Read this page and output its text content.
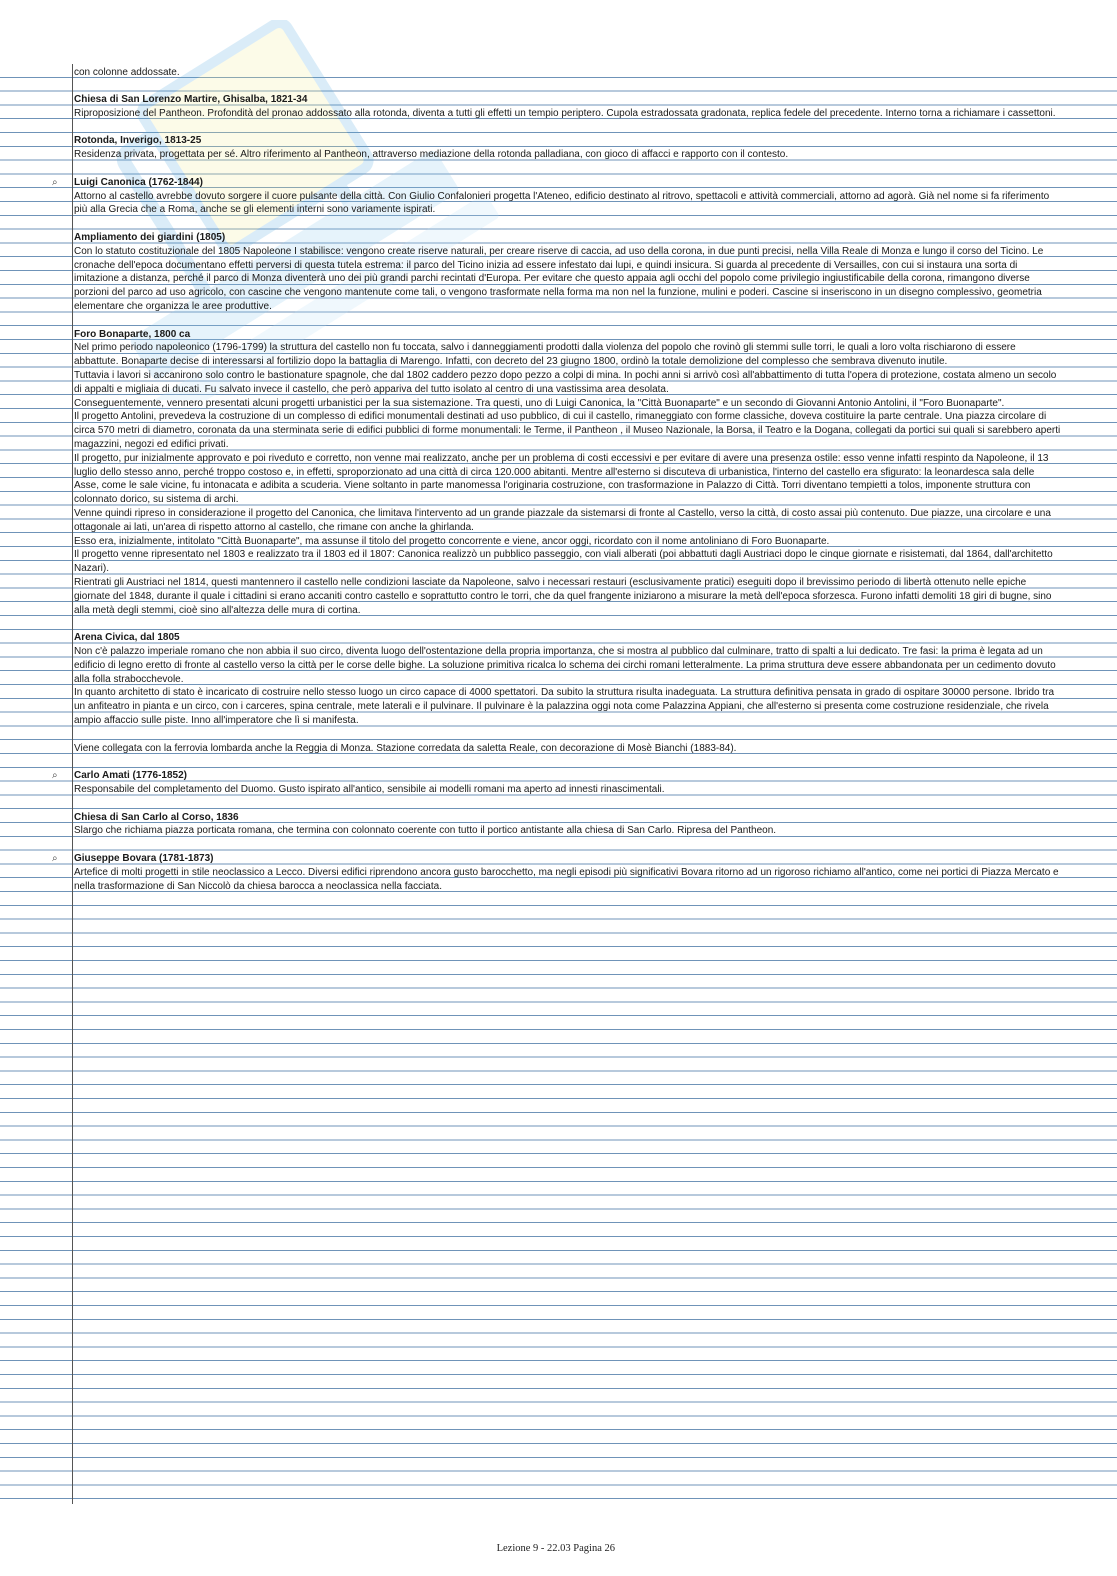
⌕
⌕
⌕
con colonne addossate.
Chiesa di San Lorenzo Martire, Ghisalba, 1821-34
Riproposizione del Pantheon. Profondità del pronao addossato alla rotonda, diventa a tutti gli effetti un tempio periptero. Cupola estradossata gradonata, replica fedele del precedente. Interno torna a richiamare i cassettoni.
Rotonda, Inverigo, 1813-25
Residenza privata, progettata per sé. Altro riferimento al Pantheon, attraverso mediazione della rotonda palladiana, con gioco di affacci e rapporto con il contesto.
Luigi Canonica (1762-1844)
Attorno al castello avrebbe dovuto sorgere il cuore pulsante della città. Con Giulio Confalonieri progetta l'Ateneo, edificio destinato al ritrovo, spettacoli e attività commerciali, attorno ad agorà. Già nel nome si fa riferimento
più alla Grecia che a Roma, anche se gli elementi interni sono variamente ispirati.
Ampliamento dei giardini (1805)
Con lo statuto costituzionale del 1805 Napoleone I stabilisce: vengono create riserve naturali, per creare riserve di caccia, ad uso della corona, in due punti precisi, nella Villa Reale di Monza e lungo il corso del Ticino. Le
cronache dell'epoca documentano effetti perversi di questa tutela estrema: il parco del Ticino inizia ad essere infestato dai lupi, e quindi insicura. Si guarda al precedente di Versailles, con cui si instaura una sorta di
imitazione a distanza, perché il parco di Monza diventerà uno dei più grandi parchi recintati d'Europa. Per evitare che questo appaia agli occhi del popolo come privilegio ingiustificabile della corona, rimangono diverse
porzioni del parco ad uso agricolo, con cascine che vengono mantenute come tali, o vengono trasformate nella forma ma non nel la funzione, mulini e poderi. Cascine si inseriscono in un disegno complessivo, geometria
elementare che organizza le aree produttive.
Foro Bonaparte, 1800 ca
Nel primo periodo napoleonico (1796-1799) la struttura del castello non fu toccata, salvo i danneggiamenti prodotti dalla violenza del popolo che rovinò gli stemmi sulle torri, le quali a loro volta rischiarono di essere
abbattute. Bonaparte decise di interessarsi al fortilizio dopo la battaglia di Marengo. Infatti, con decreto del 23 giugno 1800, ordinò la totale demolizione del complesso che sembrava divenuto inutile.
Tuttavia i lavori si accanirono solo contro le bastionature spagnole, che dal 1802 caddero pezzo dopo pezzo a colpi di mina. In pochi anni si arrivò così all'abbattimento di tutta l'opera di protezione, costata almeno un secolo
di appalti e migliaia di ducati. Fu salvato invece il castello, che però appariva del tutto isolato al centro di una vastissima area desolata.
Conseguentemente, vennero presentati alcuni progetti urbanistici per la sua sistemazione. Tra questi, uno di Luigi Canonica, la "Città Buonaparte" e un secondo di Giovanni Antonio Antolini, il "Foro Buonaparte".
Il progetto Antolini, prevedeva la costruzione di un complesso di edifici monumentali destinati ad uso pubblico, di cui il castello, rimaneggiato con forme classiche, doveva costituire la parte centrale. Una piazza circolare di
circa 570 metri di diametro, coronata da una sterminata serie di edifici pubblici di forme monumentali: le Terme, il Pantheon , il Museo Nazionale, la Borsa, il Teatro e la Dogana, collegati da portici sui quali si sarebbero aperti
magazzini, negozi ed edifici privati.
Il progetto, pur inizialmente approvato e poi riveduto e corretto, non venne mai realizzato, anche per un problema di costi eccessivi e per evitare di avere una presenza ostile: esso venne infatti respinto da Napoleone, il 13
luglio dello stesso anno, perché troppo costoso e, in effetti, sproporzionato ad una città di circa 120.000 abitanti. Mentre all'esterno si discuteva di urbanistica, l'interno del castello era sfigurato: la leonardesca sala delle
Asse, come le sale vicine, fu intonacata e adibita a scuderia. Viene soltanto in parte manomessa l'originaria costruzione, con trasformazione in Palazzo di Città. Torri diventano tempietti a tolos, imponente struttura con
colonnato dorico, su sistema di archi.
Venne quindi ripreso in considerazione il progetto del Canonica, che limitava l'intervento ad un grande piazzale da sistemarsi di fronte al Castello, verso la città, di costo assai più contenuto. Due piazze, una circolare e una
ottagonale ai lati, un'area di rispetto attorno al castello, che rimane con anche la ghirlanda.
Esso era, inizialmente, intitolato "Città Buonaparte", ma assunse il titolo del progetto concorrente e viene, ancor oggi, ricordato con il nome antoliniano di Foro Buonaparte.
Il progetto venne ripresentato nel 1803 e realizzato tra il 1803 ed il 1807: Canonica realizzò un pubblico passeggio, con viali alberati (poi abbattuti dagli Austriaci dopo le cinque giornate e risistemati, dal 1864, dall'architetto
Nazari).
Rientrati gli Austriaci nel 1814, questi mantennero il castello nelle condizioni lasciate da Napoleone, salvo i necessari restauri (esclusivamente pratici) eseguiti dopo il brevissimo periodo di libertà ottenuto nelle epiche
giornate del 1848, durante il quale i cittadini si erano accaniti contro castello e soprattutto contro le torri, che da quel frangente iniziarono a misurare la metà dell'epoca sforzesca. Furono infatti demoliti 18 giri di bugne, sino
alla metà degli stemmi, cioè sino all'altezza delle mura di cortina.
Arena Civica, dal 1805
Non c'è palazzo imperiale romano che non abbia il suo circo, diventa luogo dell'ostentazione della propria importanza, che si mostra al pubblico dal culminare, tratto di spalti a lui dedicato. Tre fasi: la prima è legata ad un
edificio di legno eretto di fronte al castello verso la città per le corse delle bighe. La soluzione primitiva ricalca lo schema dei circhi romani letteralmente. La prima struttura deve essere abbandonata per un cedimento dovuto
alla folla strabocchevole.
In quanto architetto di stato è incaricato di costruire nello stesso luogo un circo capace di 4000 spettatori. Da subito la struttura risulta inadeguata. La struttura definitiva pensata in grado di ospitare 30000 persone. Ibrido tra
un anfiteatro in pianta e un circo, con i carceres, spina centrale, mete laterali e il pulvinare. Il pulvinare è la palazzina oggi nota come Palazzina Appiani, che all'esterno si presenta come costruzione residenziale, che rivela
ampio affaccio sulle piste. Inno all'imperatore che lì si manifesta.
Viene collegata con la ferrovia lombarda anche la Reggia di Monza. Stazione corredata da saletta Reale, con decorazione di Mosè Bianchi (1883-84).
Carlo Amati (1776-1852)
Responsabile del completamento del Duomo. Gusto ispirato all'antico, sensibile ai modelli romani ma aperto ad innesti rinascimentali.
Chiesa di San Carlo al Corso, 1836
Slargo che richiama piazza porticata romana, che termina con colonnato coerente con tutto il portico antistante alla chiesa di San Carlo. Ripresa del Pantheon.
Giuseppe Bovara (1781-1873)
Artefice di molti progetti in stile neoclassico a Lecco. Diversi edifici riprendono ancora gusto barocchetto, ma negli episodi più significativi Bovara ritorno ad un rigoroso richiamo all'antico, come nei portici di Piazza Mercato e
nella trasformazione di San Niccolò da chiesa barocca a neoclassica nella facciata.
Lezione 9 - 22.03 Pagina 26
